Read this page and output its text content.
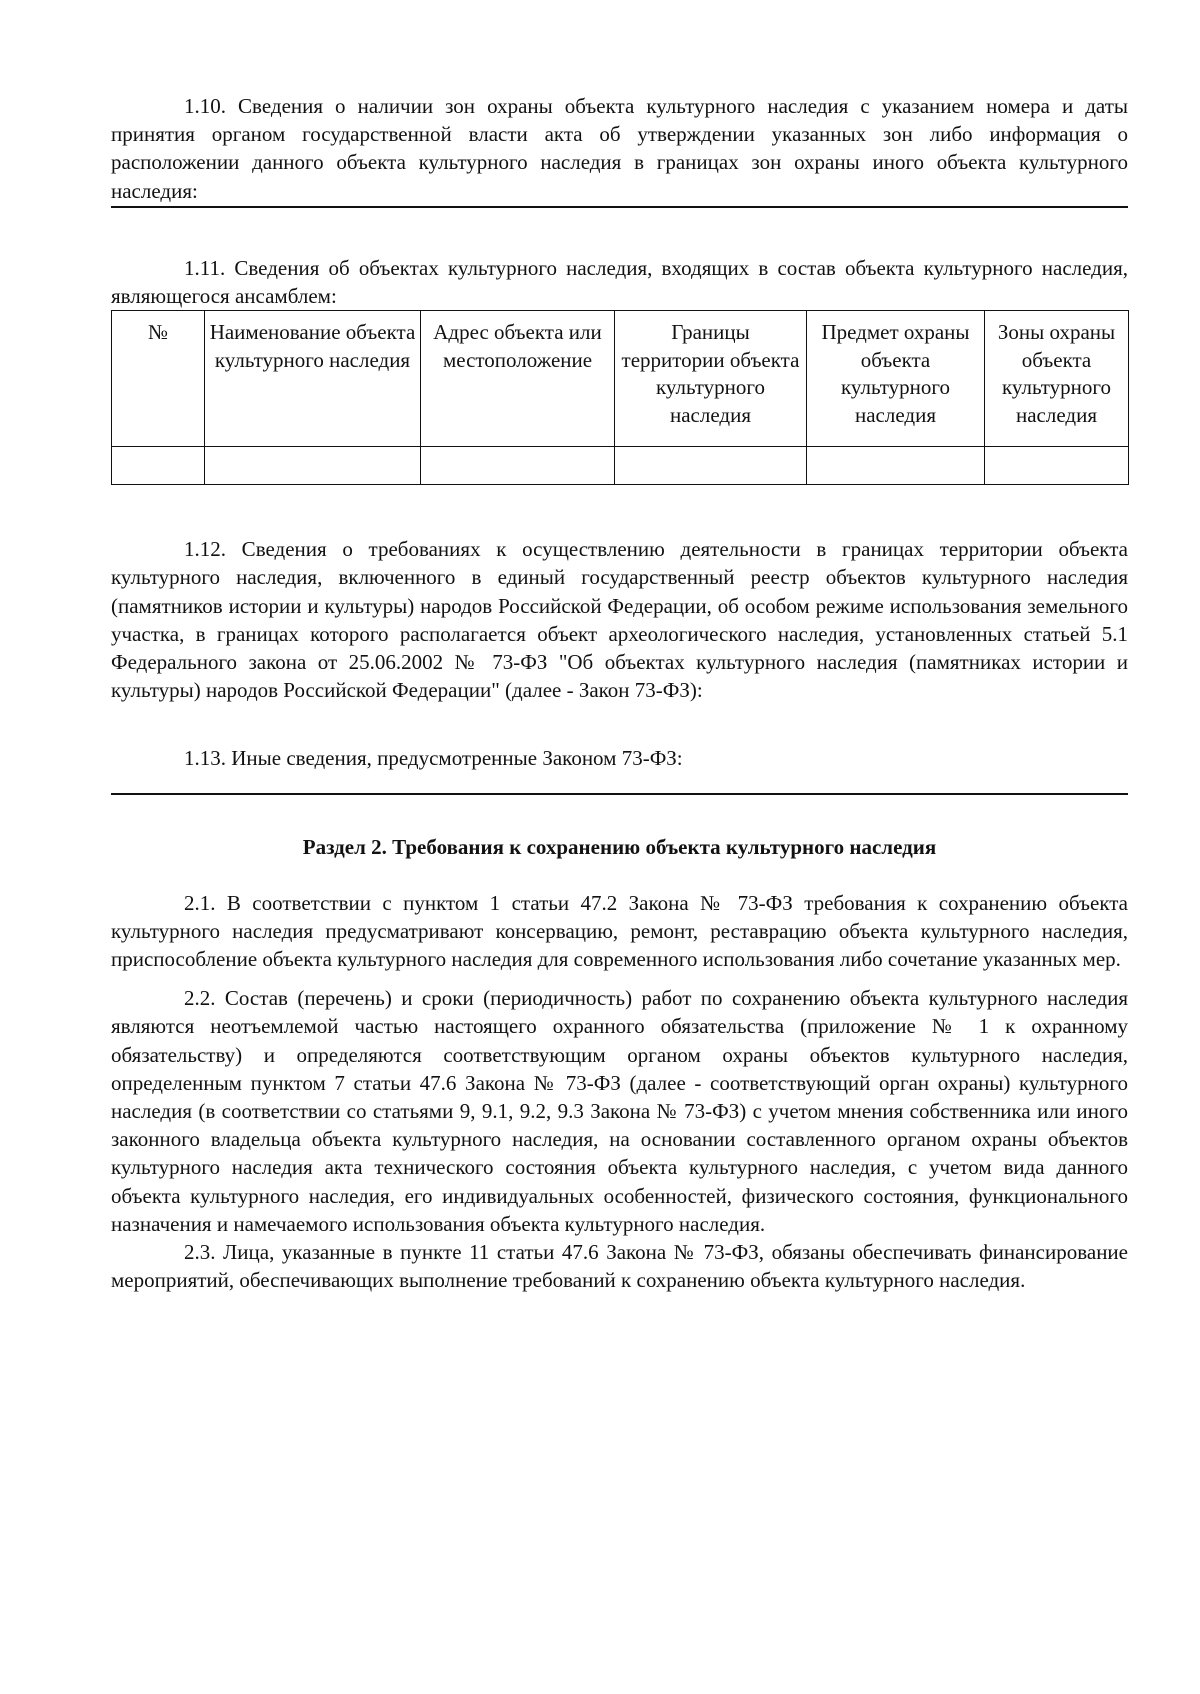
1.10. Сведения о наличии зон охраны объекта культурного наследия с указанием номера и даты принятия органом государственной власти акта об утверждении указанных зон либо информация о расположении данного объекта культурного наследия в границах зон охраны иного объекта культурного наследия:

1.11. Сведения об объектах культурного наследия, входящих в состав объекта культурного наследия, являющегося ансамблем:

№	Наименование объекта культурного наследия	Адрес объекта или местоположение	Границы территории объекта культурного наследия	Предмет охраны объекта культурного наследия	Зоны охраны объекта культурного наследия

1.12. Сведения о требованиях к осуществлению деятельности в границах территории объекта культурного наследия, включенного в единый государственный реестр объектов культурного наследия (памятников истории и культуры) народов Российской Федерации, об особом режиме использования земельного участка, в границах которого располагается объект археологического наследия, установленных статьей 5.1 Федерального закона от 25.06.2002 № 73-ФЗ "Об объектах культурного наследия (памятниках истории и культуры) народов Российской Федерации" (далее - Закон 73-ФЗ):

1.13. Иные сведения, предусмотренные Законом 73-ФЗ:

Раздел 2. Требования к сохранению объекта культурного наследия

2.1. В соответствии с пунктом 1 статьи 47.2 Закона № 73-ФЗ требования к сохранению объекта культурного наследия предусматривают консервацию, ремонт, реставрацию объекта культурного наследия, приспособление объекта культурного наследия для современного использования либо сочетание указанных мер.

2.2. Состав (перечень) и сроки (периодичность) работ по сохранению объекта культурного наследия являются неотъемлемой частью настоящего охранного обязательства (приложение № 1 к охранному обязательству) и определяются соответствующим органом охраны объектов культурного наследия, определенным пунктом 7 статьи 47.6 Закона № 73-ФЗ (далее - соответствующий орган охраны) культурного наследия (в соответствии со статьями 9, 9.1, 9.2, 9.3 Закона № 73-ФЗ) с учетом мнения собственника или иного законного владельца объекта культурного наследия, на основании составленного органом охраны объектов культурного наследия акта технического состояния объекта культурного наследия, с учетом вида данного объекта культурного наследия, его индивидуальных особенностей, физического состояния, функционального назначения и намечаемого использования объекта культурного наследия.

2.3. Лица, указанные в пункте 11 статьи 47.6 Закона № 73-ФЗ, обязаны обеспечивать финансирование мероприятий, обеспечивающих выполнение требований к сохранению объекта культурного наследия.
